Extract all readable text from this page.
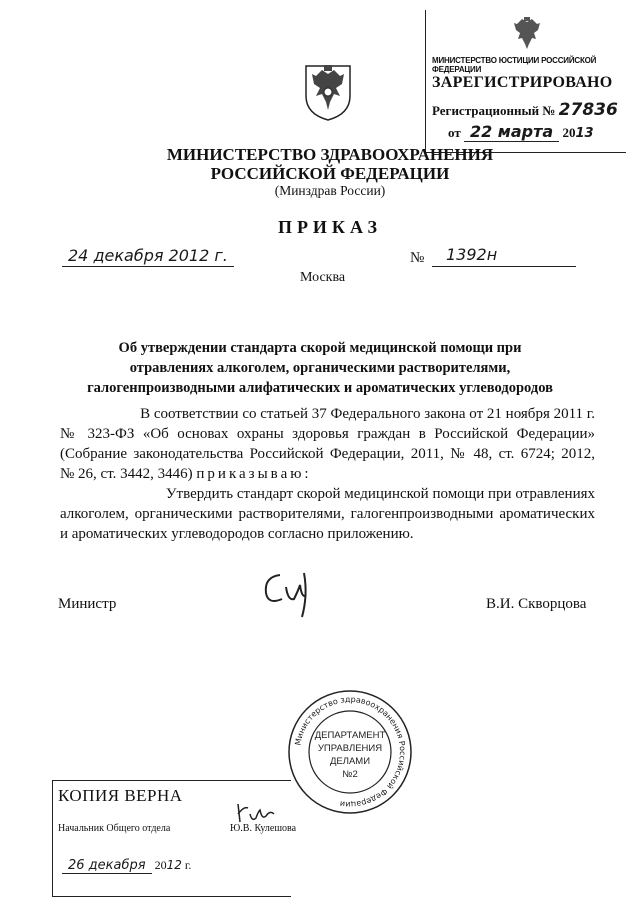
МИНИСТЕРСТВО ЮСТИЦИИ РОССИЙСКОЙ ФЕДЕРАЦИИ
ЗАРЕГИСТРИРОВАНО
Регистрационный № 27836
от 22 марта 2013
МИНИСТЕРСТВО ЗДРАВООХРАНЕНИЯ
РОССИЙСКОЙ ФЕДЕРАЦИИ
(Минздрав России)
ПРИКАЗ
24 декабря 2012 г.	№ 1392н
Москва
Об утверждении стандарта скорой медицинской помощи при
отравлениях алкоголем, органическими растворителями,
галогенпроизводными алифатических и ароматических углеводородов
В соответствии со статьей 37 Федерального закона от 21 ноября 2011 г.
№ 323-ФЗ «Об основах охраны здоровья граждан в Российской Федерации»
(Собрание законодательства Российской Федерации, 2011, № 48, ст. 6724; 2012,
№ 26, ст. 3442, 3446) приказываю:
Утвердить стандарт скорой медицинской помощи при отравлениях
алкоголем, органическими растворителями, галогенпроизводными ароматических
и ароматических углеводородов согласно приложению.
Министр	В.И. Скворцова
Министерство здравоохранения Российской Федерации
ДЕПАРТАМЕНТ
УПРАВЛЕНИЯ
ДЕЛАМИ
№2
КОПИЯ ВЕРНА
Начальник Общего отдела	Ю.В. Кулешова
26 декабря 2012 г.
